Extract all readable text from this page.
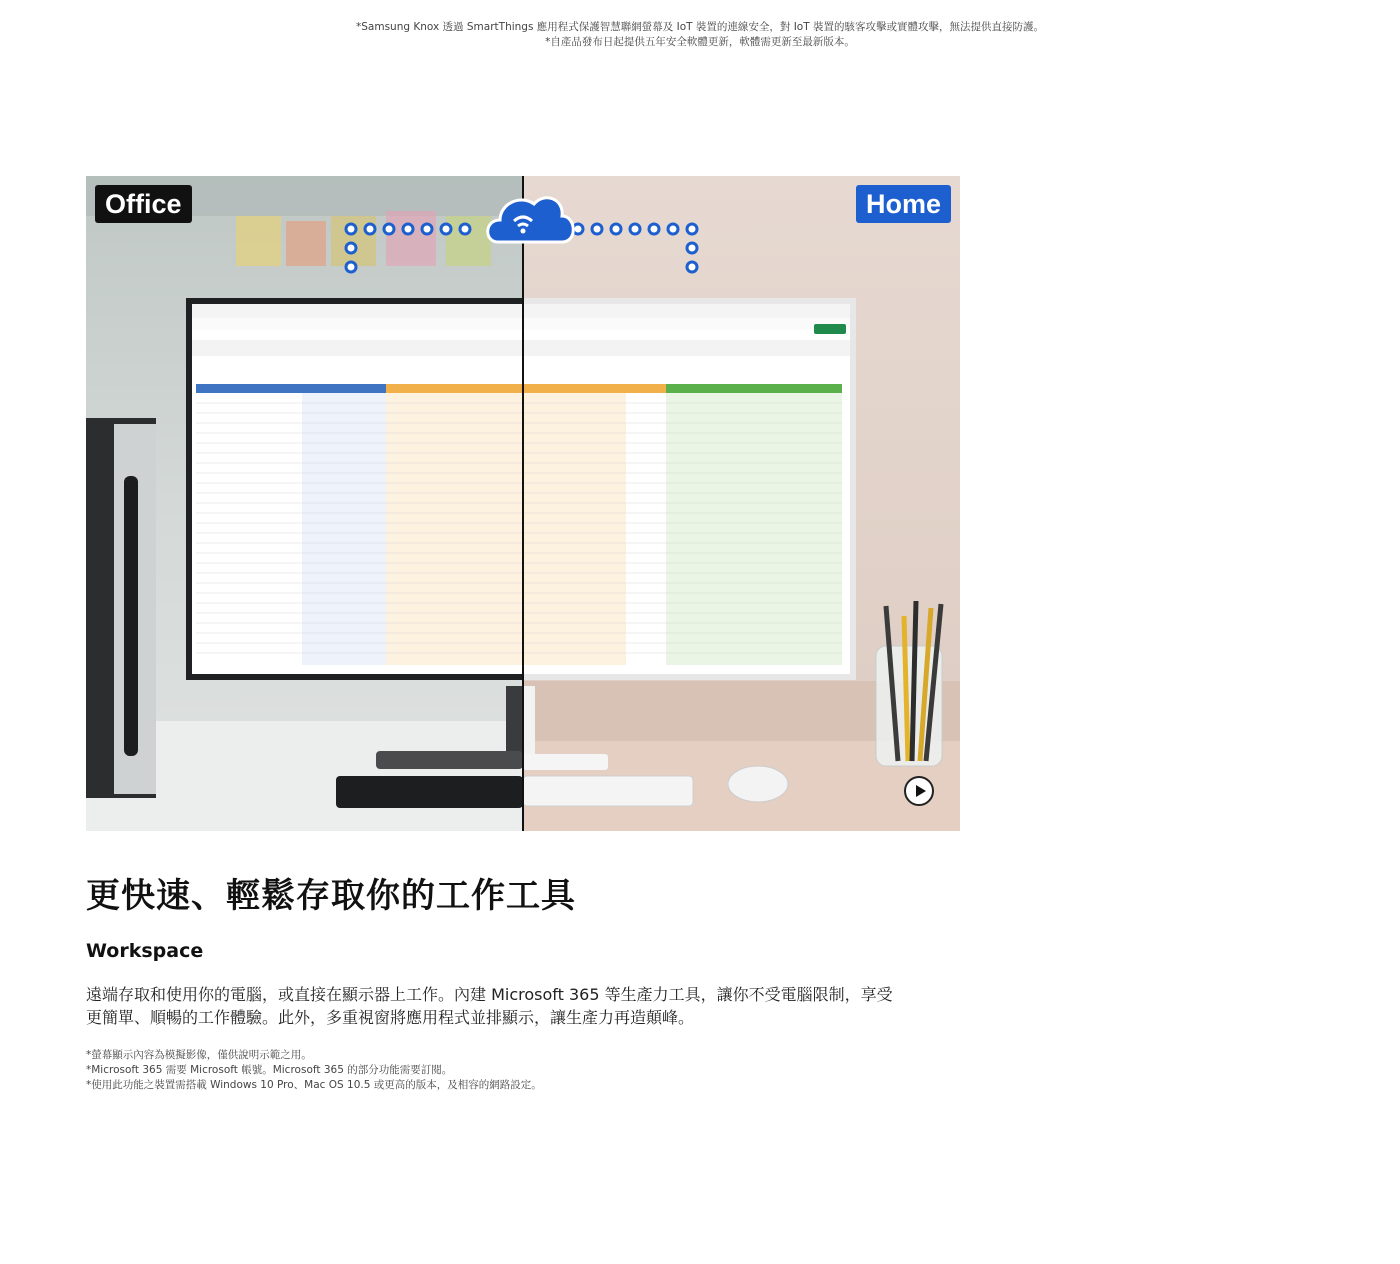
*Samsung Knox 透過 SmartThings 應用程式保護智慧聯網螢幕及 IoT 裝置的連線安全，對 IoT 裝置的駭客攻擊或實體攻擊，無法提供直接防護。
*自產品發布日起提供五年安全軟體更新，軟體需更新至最新版本。
Office	Home
更快速、輕鬆存取你的工作工具
Workspace
遠端存取和使用你的電腦，或直接在顯示器上工作。內建 Microsoft 365 等生產力工具，讓你不受電腦限制，享受
更簡單、順暢的工作體驗。此外，多重視窗將應用程式並排顯示，讓生產力再造顛峰。
*螢幕顯示內容為模擬影像，僅供說明示範之用。
*Microsoft 365 需要 Microsoft 帳號。Microsoft 365 的部分功能需要訂閱。
*使用此功能之裝置需搭載 Windows 10 Pro、Mac OS 10.5 或更高的版本，及相容的網路設定。
